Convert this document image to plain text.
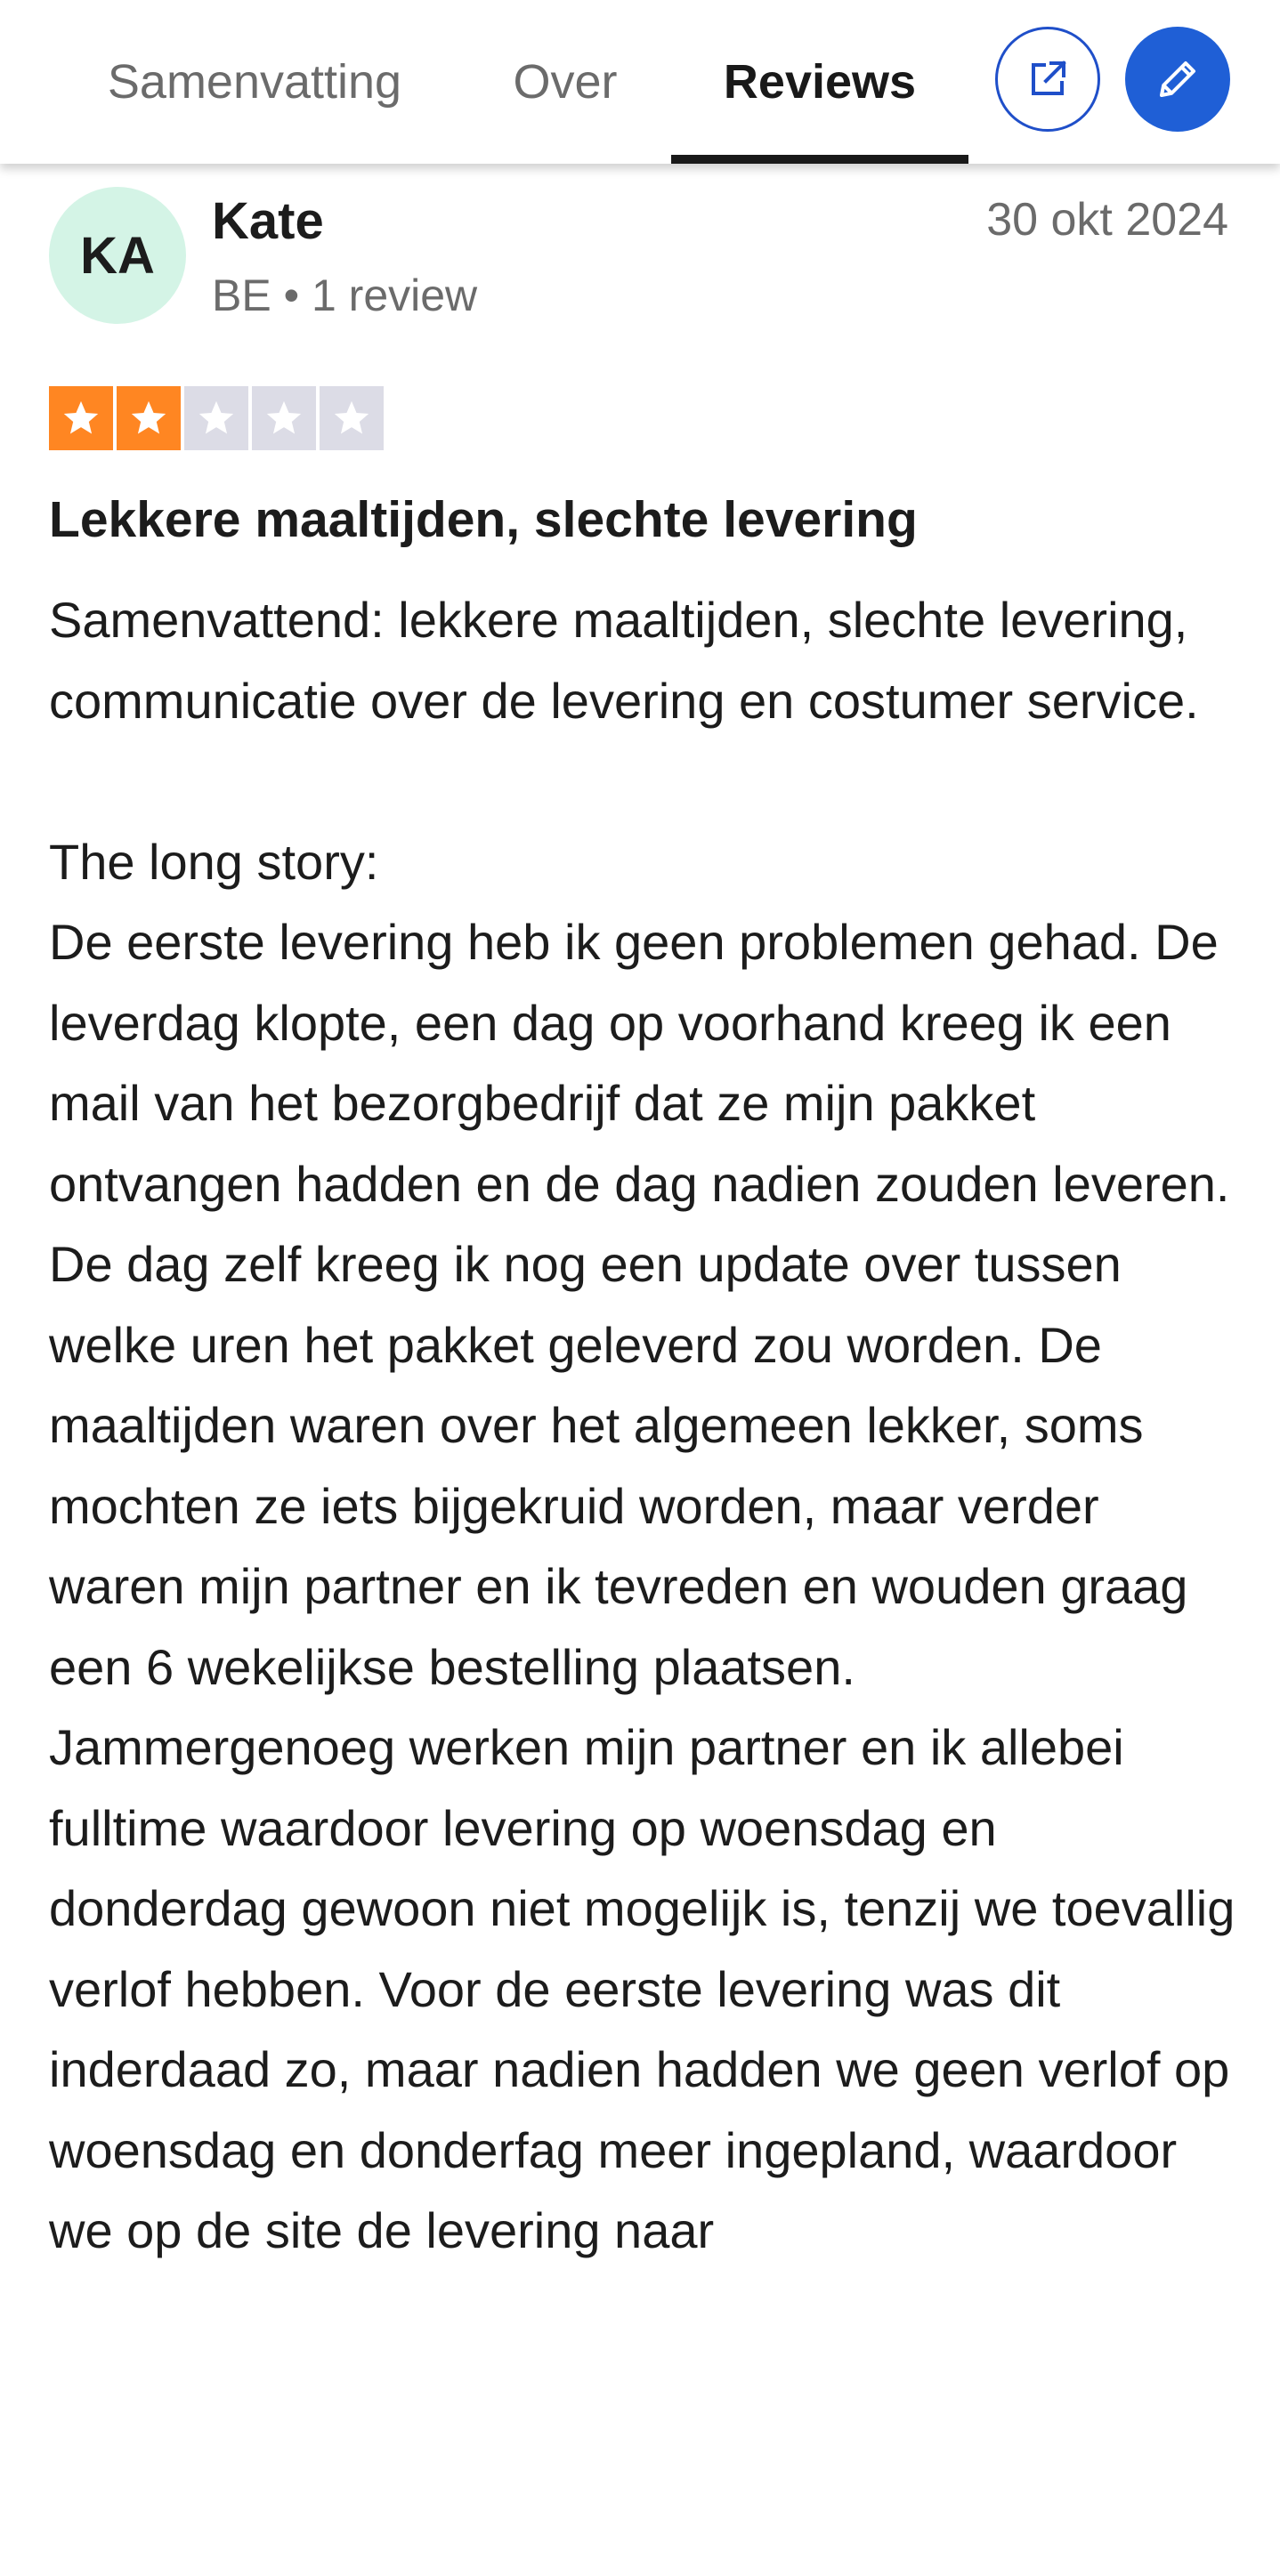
Samenvatting Over Reviews
KA
Kate
BE • 1 review
30 okt 2024
Lekkere maaltijden, slechte levering
Samenvattend: lekkere maaltijden, slechte levering, communicatie over de levering en costumer service.

The long story:
De eerste levering heb ik geen problemen gehad. De leverdag klopte, een dag op voorhand kreeg ik een mail van het bezorgbedrijf dat ze mijn pakket ontvangen hadden en de dag nadien zouden leveren. De dag zelf kreeg ik nog een update over tussen welke uren het pakket geleverd zou worden. De maaltijden waren over het algemeen lekker, soms mochten ze iets bijgekruid worden, maar verder waren mijn partner en ik tevreden en wouden graag een 6 wekelijkse bestelling plaatsen.
Jammergenoeg werken mijn partner en ik allebei fulltime waardoor levering op woensdag en donderdag gewoon niet mogelijk is, tenzij we toevallig verlof hebben. Voor de eerste levering was dit inderdaad zo, maar nadien hadden we geen verlof op woensdag en donderfag meer ingepland, waardoor we op de site de levering naar
